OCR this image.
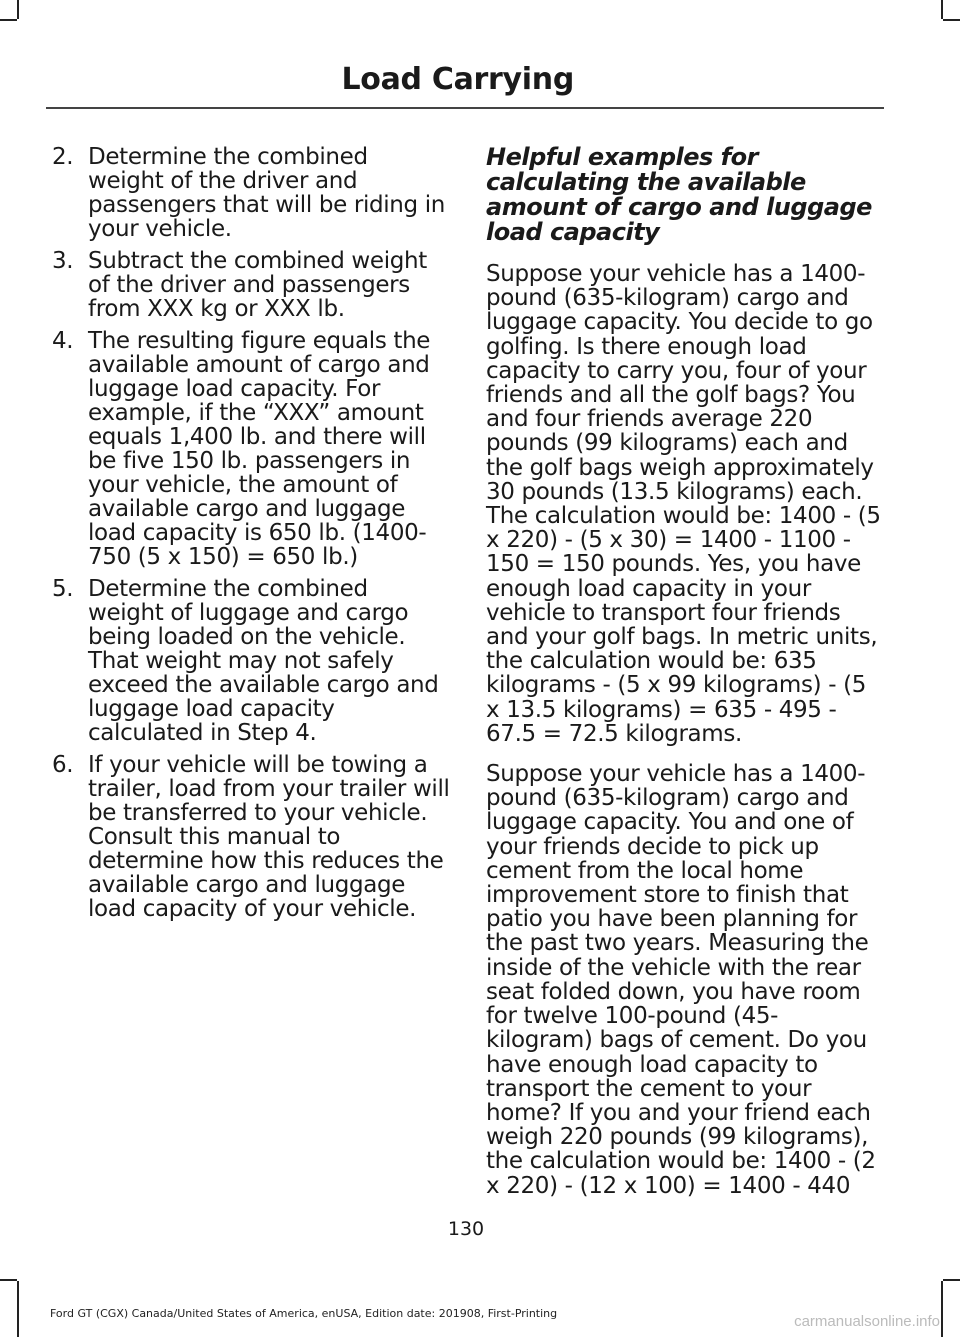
Load Carrying
2. Determine the combined weight of the driver and passengers that will be riding in your vehicle.
3. Subtract the combined weight of the driver and passengers from XXX kg or XXX lb.
4. The resulting figure equals the available amount of cargo and luggage load capacity. For example, if the “XXX” amount equals 1,400 lb. and there will be five 150 lb. passengers in your vehicle, the amount of available cargo and luggage load capacity is 650 lb. (1400-750 (5 x 150) = 650 lb.)
5. Determine the combined weight of luggage and cargo being loaded on the vehicle. That weight may not safely exceed the available cargo and luggage load capacity calculated in Step 4.
6. If your vehicle will be towing a trailer, load from your trailer will be transferred to your vehicle. Consult this manual to determine how this reduces the available cargo and luggage load capacity of your vehicle.
Helpful examples for calculating the available amount of cargo and luggage load capacity

Suppose your vehicle has a 1400-pound (635-kilogram) cargo and luggage capacity. You decide to go golfing. Is there enough load capacity to carry you, four of your friends and all the golf bags? You and four friends average 220 pounds (99 kilograms) each and the golf bags weigh approximately 30 pounds (13.5 kilograms) each. The calculation would be: 1400 - (5 x 220) - (5 x 30) = 1400 - 1100 - 150 = 150 pounds. Yes, you have enough load capacity in your vehicle to transport four friends and your golf bags. In metric units, the calculation would be: 635 kilograms - (5 x 99 kilograms) - (5 x 13.5 kilograms) = 635 - 495 - 67.5 = 72.5 kilograms.

Suppose your vehicle has a 1400-pound (635-kilogram) cargo and luggage capacity. You and one of your friends decide to pick up cement from the local home improvement store to finish that patio you have been planning for the past two years. Measuring the inside of the vehicle with the rear seat folded down, you have room for twelve 100-pound (45-kilogram) bags of cement. Do you have enough load capacity to transport the cement to your home? If you and your friend each weigh 220 pounds (99 kilograms), the calculation would be: 1400 - (2 x 220) - (12 x 100) = 1400 - 440

130
Ford GT (CGX) Canada/United States of America, enUSA, Edition date: 201908, First-Printing	carmanualsonline.info
